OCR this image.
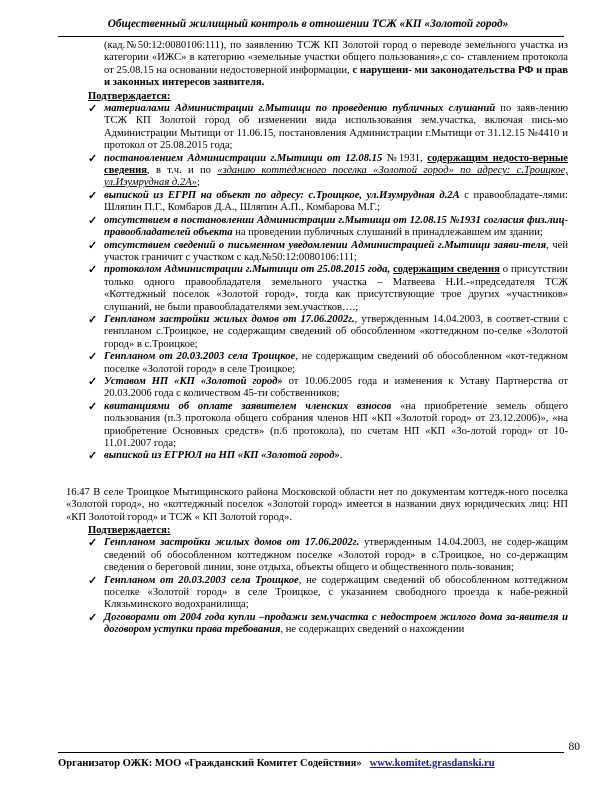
Общественный жилищный контроль в отношении ТСЖ «КП «Золотой город»

(кад.№50:12:0080106:111), по заявлению ТСЖ КП Золотой город о переводе земельного участка из категории «ИЖС» в категорию «земельные участки общего пользования»,с со- ставлением протокола от 25.08.15 на основании недостоверной информации, с нарушени- ми законодательства РФ и прав и законных интересов заявителя.

Подтверждается:
✓ материалами Администрации г.Мытищи по проведению публичных слушаний по заяв-лению ТСЖ КП Золотой город об изменении вида использования зем.участка, включая пись-мо Администрации Мытищи от 11.06.15, постановления Администрации г.Мытищи от 31.12.15 №4410 и протокол от 25.08.2015 года;
✓ постановлением Администрации г.Мытищи от 12.08.15 №1931, содержащим недосто-верные сведения, в т.ч. и по «зданию коттеджного поселка «Золотой город» по адресу: с.Троицкое, ул.Изумрудная д.2А»;
✓ выпиской из ЕГРП на объект по адресу: с.Троицкое, ул.Изумрудная д.2А с правообладате-лями: Шляпин П.Г., Комбаров Д.А., Шляпин А.П., Комбарова М.Г.;
✓ отсутствием в постановлении Администрации г.Мытищи от 12.08.15 №1931 согласия физ.лиц-правообладателей объекта на проведении публичных слушаний в принадлежавшем им здании;
✓ отсутствием сведений о письменном уведомлении Администрацией г.Мытищи заяви-теля, чей участок граничит с участком с кад.№50:12:0080106:111;
✓ протоколом Администрации г.Мытищи от 25.08.2015 года, содержащим сведения о присутствии только одного правообладателя земельного участка – Матвеева Н.И.-«председателя ТСЖ «Коттеджный поселок «Золотой город», тогда как присутствующие трое других «участников» слушаний, не были правообладателями зем.участков….;
✓ Генпланом застройки жилых домов от 17.06.2002г., утвержденным 14.04.2003, в соответ-ствии с генпланом с.Троицкое, не содержащим сведений об обособленном «коттеджном по-селке «Золотой город» в с.Троицкое;
✓ Генпланом от 20.03.2003 села Троицкое, не содержащим сведений об обособленном «кот-теджном поселке «Золотой город» в селе Троицкое;
✓ Уставом НП «КП «Золотой город» от 10.06.2005 года и изменения к Уставу Партнерства от 20.03.2006 года с количеством 45-ти собственников;
✓ квитанциями об оплате заявителем членских взносов «на приобретение земель общего пользования (п.3 протокола общего собрания членов НП «КП «Золотой город» от 23.12.2006)», «на приобретение Основных средств» (п.6 протокола), по счетам НП «КП «Зо-лотой город» от 10-11.01.2007 года;
✓ выпиской из ЕГРЮЛ на НП «КП «Золотой город».

16.47 В селе Троицкое Мытищинского района Московской области нет по документам коттедж-ного поселка «Золотой город», но «коттеджный поселок «Золотой город» имеется в названии двух юридических лиц: НП «КП Золотой город» и ТСЖ « КП Золотой город».

Подтверждается:
✓ Генпланом застройки жилых домов от 17.06.2002г. утвержденным 14.04.2003, не содер-жащим сведений об обособленном коттеджном поселке «Золотой город» в с.Троицкое, но со-держащим сведения о береговой линии, зоне отдыха, объекты общего и общественного поль-зования;
✓ Генпланом от 20.03.2003 села Троицкое, не содержащим сведений об обособленном коттеджном поселке «Золотой город» в селе Троицкое, с указанием свободного проезда к набе-режной Клязьминского водохранилища;
✓ Договорами от 2004 года купли –продажи зем.участка с недостроем жилого дома за-явителя и договором уступки права требования, не содержащих сведений о нахождении
80
Организатор ОЖК: МОО «Гражданский Комитет Содействия» www.komitet.grasdanski.ru
